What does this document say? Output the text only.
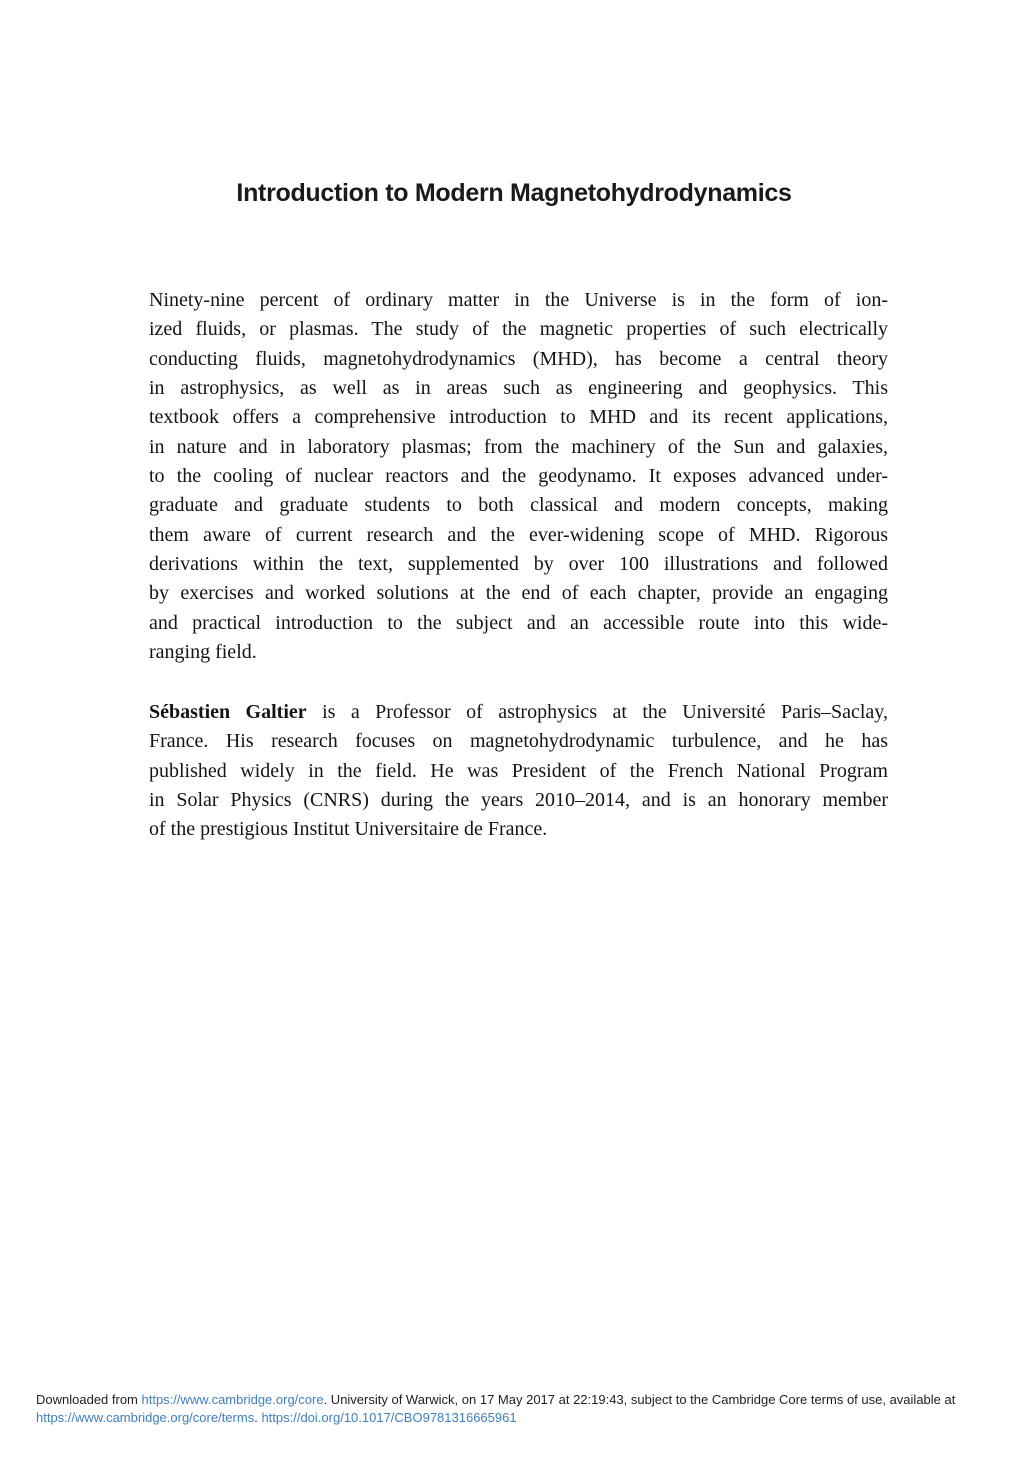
Introduction to Modern Magnetohydrodynamics
Ninety-nine percent of ordinary matter in the Universe is in the form of ion-
ized fluids, or plasmas. The study of the magnetic properties of such electrically
conducting fluids, magnetohydrodynamics (MHD), has become a central theory
in astrophysics, as well as in areas such as engineering and geophysics. This
textbook offers a comprehensive introduction to MHD and its recent applications,
in nature and in laboratory plasmas; from the machinery of the Sun and galaxies,
to the cooling of nuclear reactors and the geodynamo. It exposes advanced under-
graduate and graduate students to both classical and modern concepts, making
them aware of current research and the ever-widening scope of MHD. Rigorous
derivations within the text, supplemented by over 100 illustrations and followed
by exercises and worked solutions at the end of each chapter, provide an engaging
and practical introduction to the subject and an accessible route into this wide-
ranging field.
Sébastien Galtier is a Professor of astrophysics at the Université Paris–Saclay,
France. His research focuses on magnetohydrodynamic turbulence, and he has
published widely in the field. He was President of the French National Program
in Solar Physics (CNRS) during the years 2010–2014, and is an honorary member
of the prestigious Institut Universitaire de France.
Downloaded from https://www.cambridge.org/core. University of Warwick, on 17 May 2017 at 22:19:43, subject to the Cambridge Core terms of use, available at
https://www.cambridge.org/core/terms. https://doi.org/10.1017/CBO9781316665961
